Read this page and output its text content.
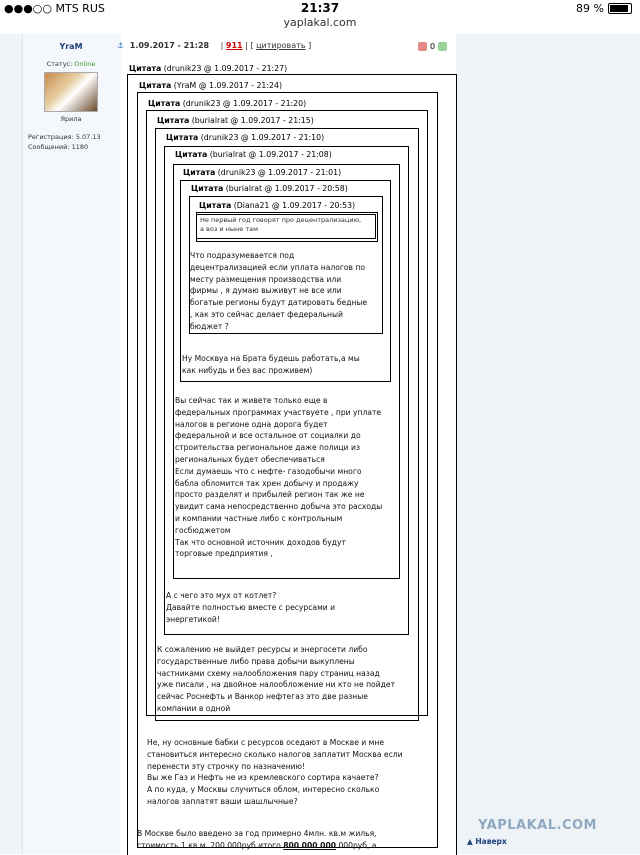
●●●○○ MTS RUS	21:37	89 %
yaplakal.com
YraM
Статус: Online
Ярила
Регистрация: 5.07.13
Сообщений: 1180
⚓ 1.09.2017 - 21:28 | 911 | [ цитировать ]	0
Цитата (drunik23 @ 1.09.2017 - 21:27)
Цитата (YraM @ 1.09.2017 - 21:24)
Цитата (drunik23 @ 1.09.2017 - 21:20)
Цитата (burialrat @ 1.09.2017 - 21:15)
Цитата (drunik23 @ 1.09.2017 - 21:10)
Цитата (burialrat @ 1.09.2017 - 21:08)
Цитата (drunik23 @ 1.09.2017 - 21:01)
Цитата (burialrat @ 1.09.2017 - 20:58)
Цитата (Diana21 @ 1.09.2017 - 20:53)
Не первый год говорят про децентрализацию,
а воз и ныне там
Что подразумевается под
децентрализацией если уплата налогов по
месту размещения производства или
фирмы , я думаю выживут не все или
богатые регионы будут датировать бедные
, как это сейчас делает федеральный
бюджет ?
Ну Москвуа на Брата будешь работать,а мы
как нибудь и без вас проживем)
Вы сейчас так и живете только еще в
федеральных программах участвуете , при уплате
налогов в регионе одна дорога будет
федеральной и все остальное от социалки до
строительства региональное даже полици из
региональных будет обеспечиваться
Если думаешь что с нефте- газодобычи много
бабла обломится так хрен добычу и продажу
просто разделят и прибылей регион так же не
увидит сама непосредственно добыча это расходы
и компании частные либо с контрольным
госбюджетом
Так что основной источник доходов будут
торговые предприятия ,
А с чего это мух от котлет?
Давайте полностью вместе с ресурсами и
энергетикой!
К сожалению не выйдет ресурсы и энергосети либо
государственные либо права добычи выкуплены
частниками схему налообложения пару страниц назад
уже писали , на двойное налообложение ни кто не пойдет
сейчас Роснефть и Ванкор нефтегаз это две разные
компании в одной
Не, ну основные бабки с ресурсов оседают в Москве и мне
становиться интересно сколько налогов заплатит Москва если
перенести эту строчку по назначению!
Вы же Газ и Нефть не из кремлевского сортира качаете?
А по куда, у Москвы случиться облом, интересно сколько
налогов заплатят ваши шашлычные?
В Москве было введено за год примерно 4млн. кв.м жилья,
стоимость 1 кв.м. 200 000руб итого 800 000 000 000руб, а
YAPLAKAL.COM
▲ Наверх
